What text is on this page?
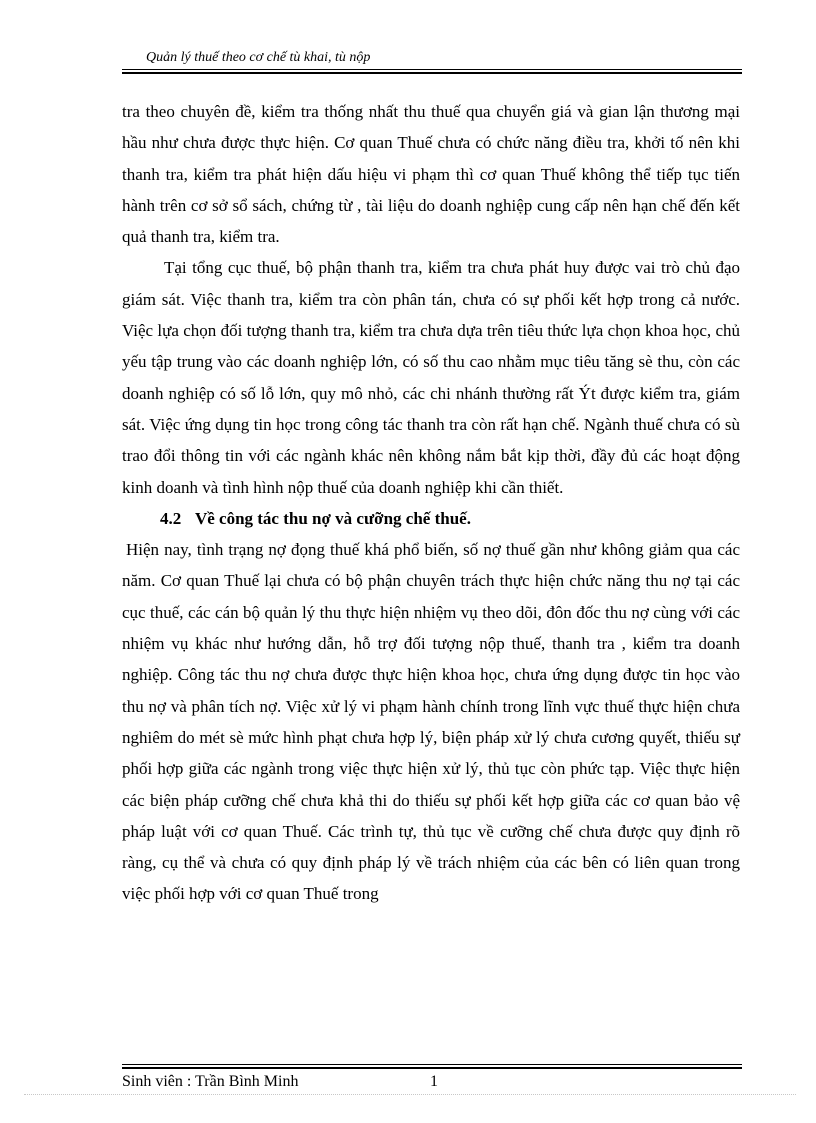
Quản lý thuế theo cơ chế tù khai, tù nộp

tra theo chuyên đề, kiểm tra thống nhất thu thuế qua chuyển giá và gian lận thương mại hầu như chưa được thực hiện. Cơ quan Thuế chưa có chức năng điều tra, khởi tố nên khi thanh tra, kiểm tra phát hiện dấu hiệu vi phạm thì cơ quan Thuế không thể tiếp tục tiến hành trên cơ sở sổ sách, chứng từ , tài liệu do doanh nghiệp cung cấp nên hạn chế đến kết quả thanh tra, kiểm tra.

Tại tổng cục thuế, bộ phận thanh tra, kiểm tra chưa phát huy được vai trò chủ đạo giám sát. Việc thanh tra, kiểm tra còn phân tán, chưa có sự phối kết hợp trong cả nước. Việc lựa chọn đối tượng thanh tra, kiểm tra chưa dựa trên tiêu thức lựa chọn khoa học, chủ yếu tập trung vào các doanh nghiệp lớn, có số thu cao nhằm mục tiêu tăng sè thu, còn các doanh nghiệp có số lỗ lớn, quy mô nhỏ, các chi nhánh thường rất Ýt được kiểm tra, giám sát. Việc ứng dụng tin học trong công tác thanh tra còn rất hạn chế. Ngành thuế chưa có sù trao đổi thông tin với các ngành khác nên không nắm bắt kịp thời, đầy đủ các hoạt động kinh doanh và tình hình nộp thuế của doanh nghiệp khi cần thiết.

4.2 Về công tác thu nợ và cưỡng chế thuế.

Hiện nay, tình trạng nợ đọng thuế khá phổ biến, số nợ thuế gần như không giảm qua các năm. Cơ quan Thuế lại chưa có bộ phận chuyên trách thực hiện chức năng thu nợ tại các cục thuế, các cán bộ quản lý thu thực hiện nhiệm vụ theo dõi, đôn đốc thu nợ cùng với các nhiệm vụ khác như hướng dẫn, hỗ trợ đối tượng nộp thuế, thanh tra , kiểm tra doanh nghiệp. Công tác thu nợ chưa được thực hiện khoa học, chưa ứng dụng được tin học vào thu nợ và phân tích nợ. Việc xử lý vi phạm hành chính trong lĩnh vực thuế thực hiện chưa nghiêm do mét sè mức hình phạt chưa hợp lý, biện pháp xử lý chưa cương quyết, thiếu sự phối hợp giữa các ngành trong việc thực hiện xử lý, thủ tục còn phức tạp. Việc thực hiện các biện pháp cưỡng chế chưa khả thi do thiếu sự phối kết hợp giữa các cơ quan bảo vệ pháp luật với cơ quan Thuế. Các trình tự, thủ tục về cưỡng chế chưa được quy định rõ ràng, cụ thể và chưa có quy định pháp lý về trách nhiệm của các bên có liên quan trong việc phối hợp với cơ quan Thuế trong

Sinh viên : Trần Bình Minh	1
